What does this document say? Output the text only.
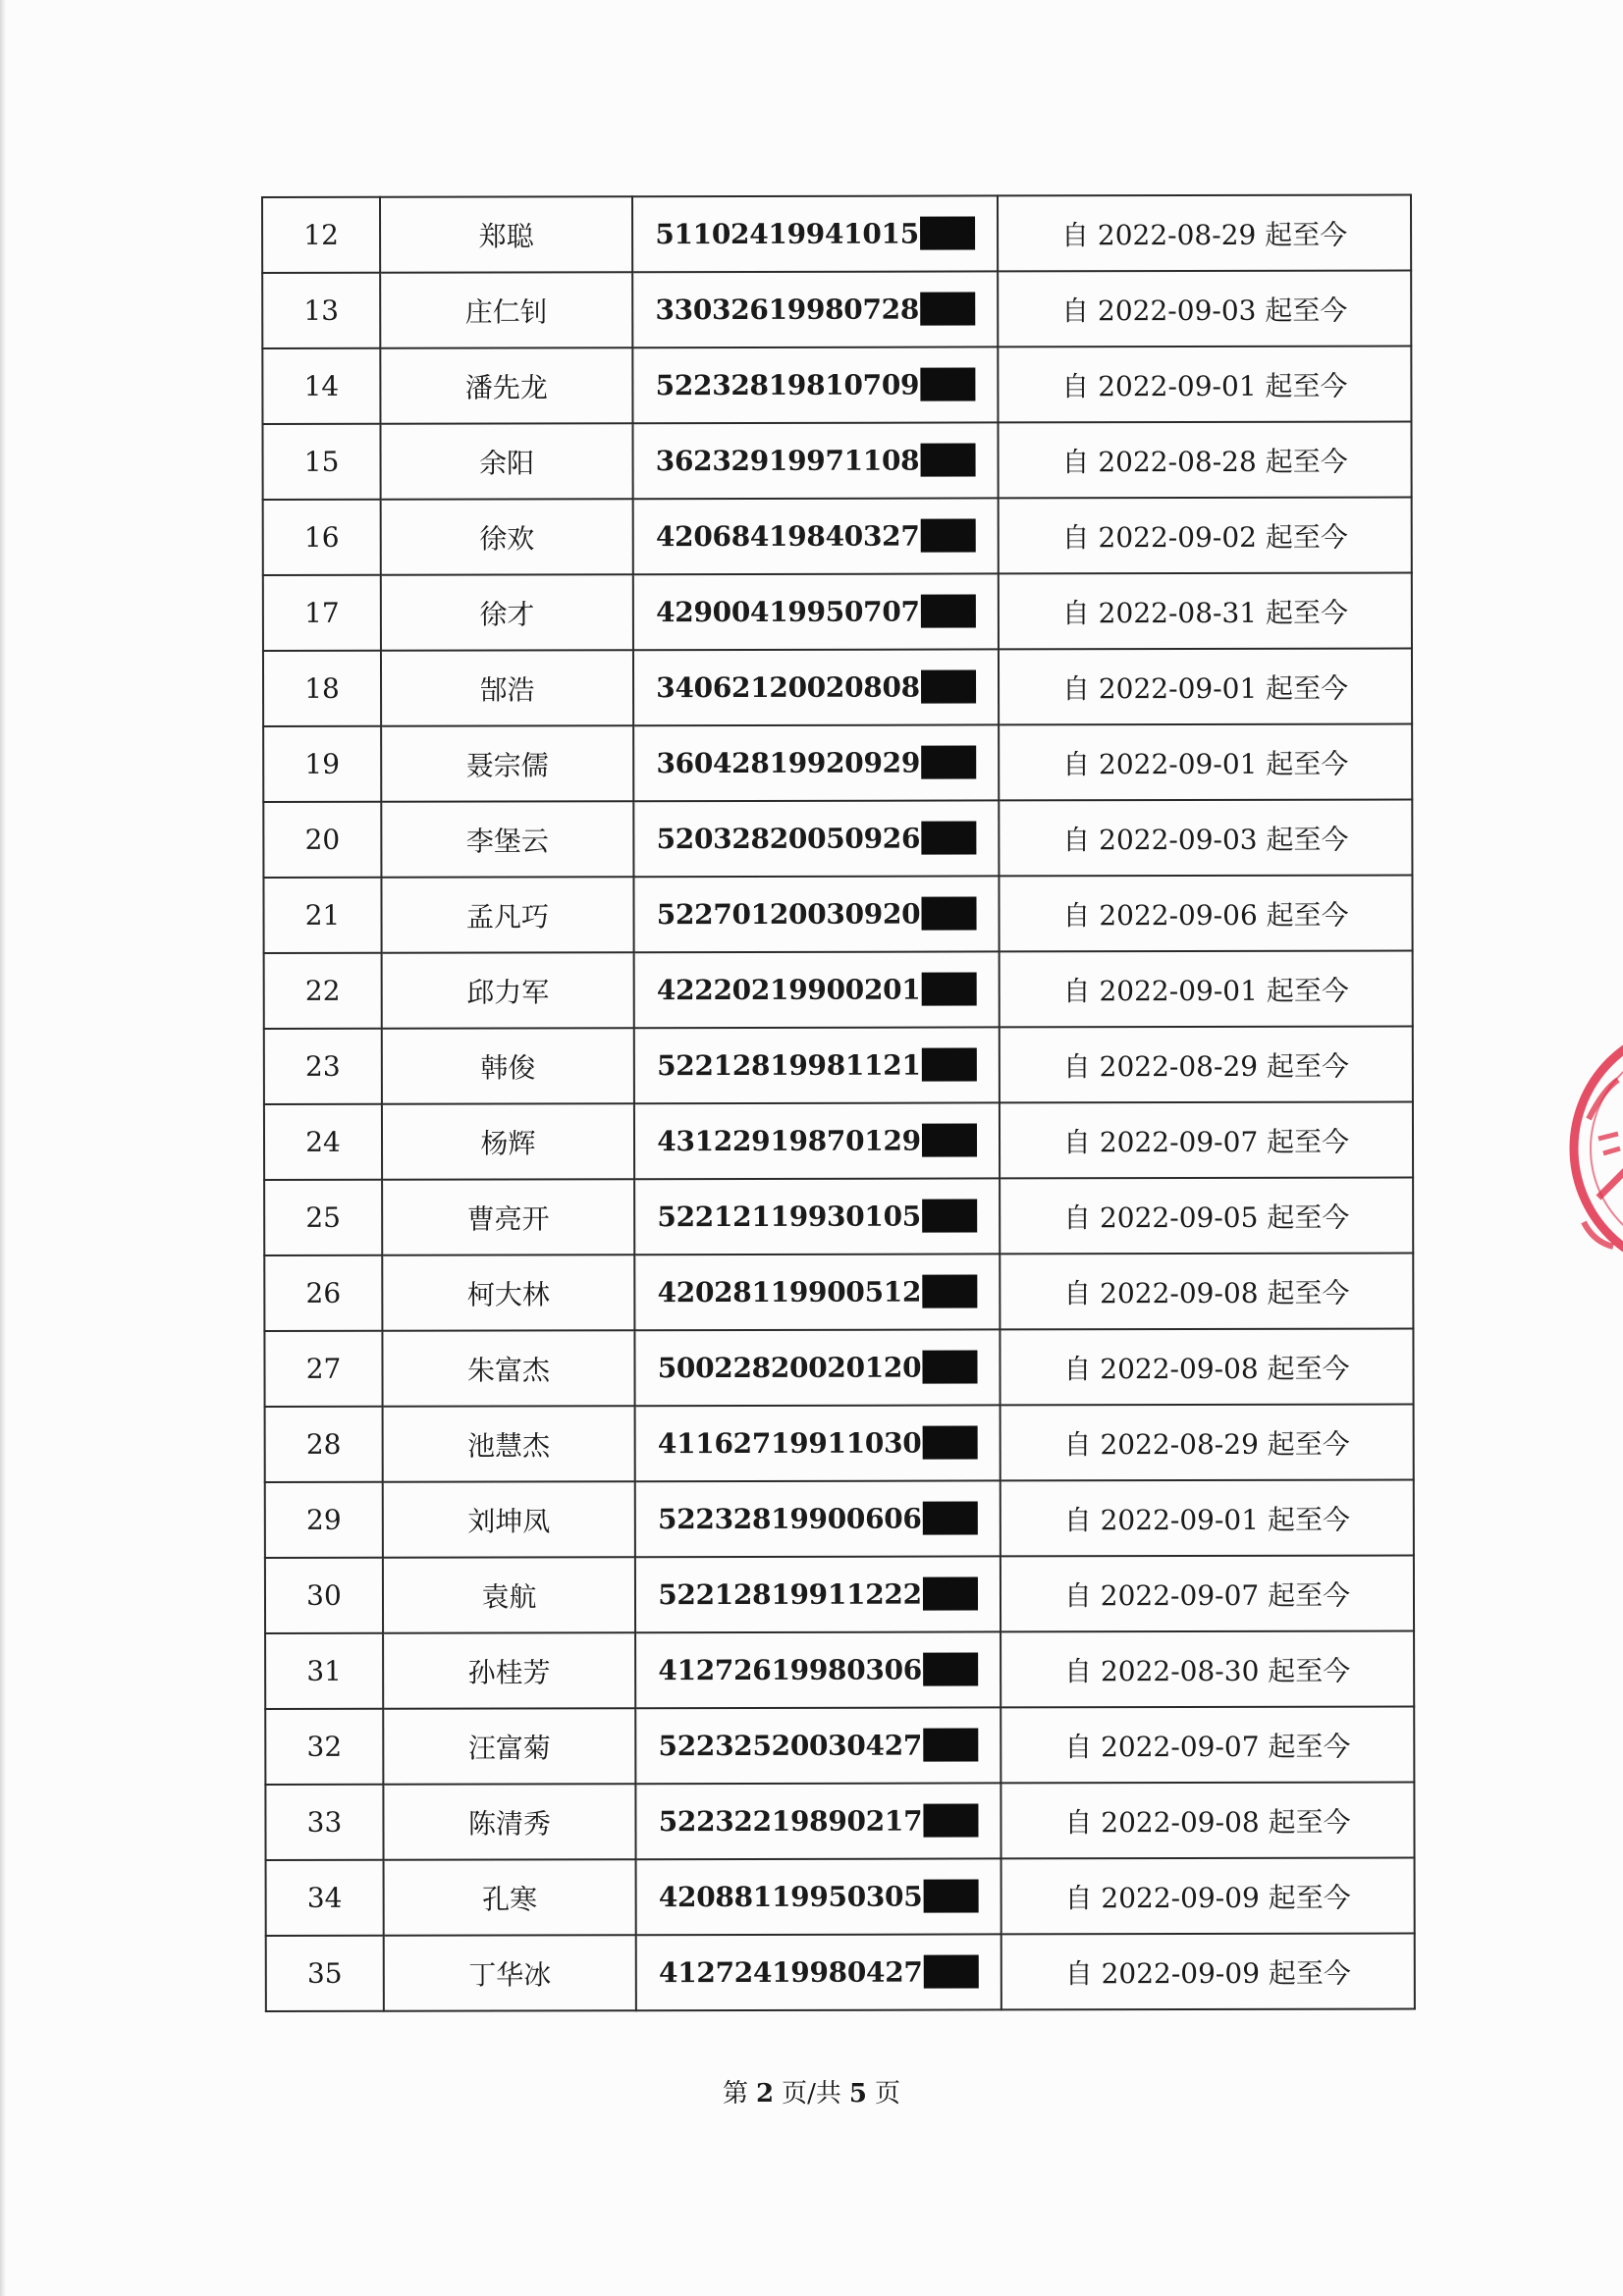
12	郑聪	51102419941015	自 2022-08-29 起至今
13	庄仁钊	33032619980728	自 2022-09-03 起至今
14	潘先龙	52232819810709	自 2022-09-01 起至今
15	余阳	36232919971108	自 2022-08-28 起至今
16	徐欢	42068419840327	自 2022-09-02 起至今
17	徐才	42900419950707	自 2022-08-31 起至今
18	郜浩	34062120020808	自 2022-09-01 起至今
19	聂宗儒	36042819920929	自 2022-09-01 起至今
20	李堡云	52032820050926	自 2022-09-03 起至今
21	孟凡巧	52270120030920	自 2022-09-06 起至今
22	邱力军	42220219900201	自 2022-09-01 起至今
23	韩俊	52212819981121	自 2022-08-29 起至今
24	杨辉	43122919870129	自 2022-09-07 起至今
25	曹亮开	52212119930105	自 2022-09-05 起至今
26	柯大林	42028119900512	自 2022-09-08 起至今
27	朱富杰	50022820020120	自 2022-09-08 起至今
28	池慧杰	41162719911030	自 2022-08-29 起至今
29	刘坤凤	52232819900606	自 2022-09-01 起至今
30	袁航	52212819911222	自 2022-09-07 起至今
31	孙桂芳	41272619980306	自 2022-08-30 起至今
32	汪富菊	52232520030427	自 2022-09-07 起至今
33	陈清秀	52232219890217	自 2022-09-08 起至今
34	孔寒	42088119950305	自 2022-09-09 起至今
35	丁华冰	41272419980427	自 2022-09-09 起至今
第 2 页/共 5 页
